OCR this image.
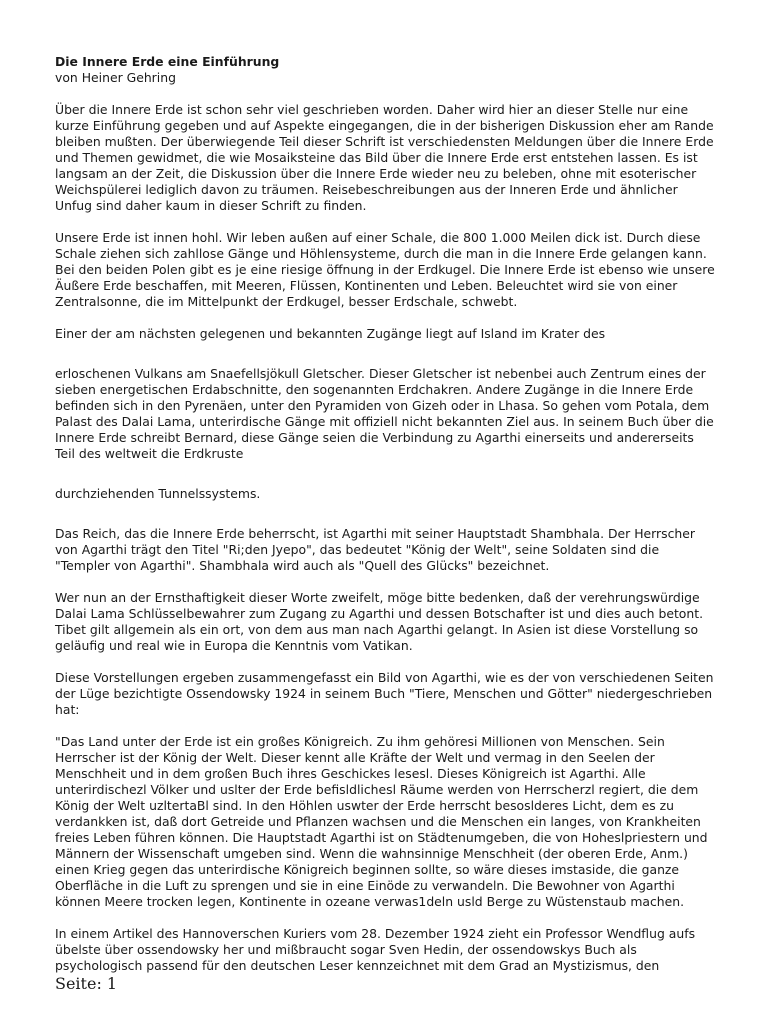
Die Innere Erde eine Einführung

von Heiner Gehring

Über die Innere Erde ist schon sehr viel geschrieben worden. Daher wird hier an dieser Stelle nur eine kurze Einführung gegeben und auf Aspekte eingegangen, die in der bisherigen Diskussion eher am Rande bleiben mußten. Der überwiegende Teil dieser Schrift ist verschiedensten Meldungen über die Innere Erde und Themen gewidmet, die wie Mosaiksteine das Bild über die Innere Erde erst entstehen lassen. Es ist langsam an der Zeit, die Diskussion über die Innere Erde wieder neu zu beleben, ohne mit esoterischer Weichspülerei lediglich davon zu träumen. Reisebeschreibungen aus der Inneren Erde und ähnlicher Unfug sind daher kaum in dieser Schrift zu finden.

Unsere Erde ist innen hohl. Wir leben außen auf einer Schale, die 800 1.000 Meilen dick ist. Durch diese Schale ziehen sich zahllose Gänge und Höhlensysteme, durch die man in die Innere Erde gelangen kann. Bei den beiden Polen gibt es je eine riesige öffnung in der Erdkugel. Die Innere Erde ist ebenso wie unsere Äußere Erde beschaffen, mit Meeren, Flüssen, Kontinenten und Leben. Beleuchtet wird sie von einer Zentralsonne, die im Mittelpunkt der Erdkugel, besser Erdschale, schwebt.

Einer der am nächsten gelegenen und bekannten Zugänge liegt auf Island im Krater des

erloschenen Vulkans am Snaefellsjökull Gletscher. Dieser Gletscher ist nebenbei auch Zentrum eines der sieben energetischen Erdabschnitte, den sogenannten Erdchakren. Andere Zugänge in die Innere Erde befinden sich in den Pyrenäen, unter den Pyramiden von Gizeh oder in Lhasa. So gehen vom Potala, dem Palast des Dalai Lama, unterirdische Gänge mit offiziell nicht bekannten Ziel aus. In seinem Buch über die Innere Erde schreibt Bernard, diese Gänge seien die Verbindung zu Agarthi einerseits und andererseits Teil des weltweit die Erdkruste

durchziehenden Tunnelssystems.

Das Reich, das die Innere Erde beherrscht, ist Agarthi mit seiner Hauptstadt Shambhala. Der Herrscher von Agarthi trägt den Titel "Ri;den Jyepo", das bedeutet "König der Welt", seine Soldaten sind die "Templer von Agarthi". Shambhala wird auch als "Quell des Glücks" bezeichnet.

Wer nun an der Ernsthaftigkeit dieser Worte zweifelt, möge bitte bedenken, daß der verehrungswürdige Dalai Lama Schlüsselbewahrer zum Zugang zu Agarthi und dessen Botschafter ist und dies auch betont. Tibet gilt allgemein als ein ort, von dem aus man nach Agarthi gelangt. In Asien ist diese Vorstellung so geläufig und real wie in Europa die Kenntnis vom Vatikan.

Diese Vorstellungen ergeben zusammengefasst ein Bild von Agarthi, wie es der von verschiedenen Seiten der Lüge bezichtigte Ossendowsky 1924 in seinem Buch "Tiere, Menschen und Götter" niedergeschrieben hat:

"Das Land unter der Erde ist ein großes Königreich. Zu ihm gehöresi Millionen von Menschen. Sein Herrscher ist der König der Welt. Dieser kennt alle Kräfte der Welt und vermag in den Seelen der Menschheit und in dem großen Buch ihres Geschickes lesesl. Dieses Königreich ist Agarthi. Alle unterirdischezl Völker und uslter der Erde befisldlichesl Räume werden von Herrscherzl regiert, die dem König der Welt uzltertaBl sind. In den Höhlen uswter der Erde herrscht besoslderes Licht, dem es zu verdankken ist, daß dort Getreide und Pflanzen wachsen und die Menschen ein langes, von Krankheiten freies Leben führen können. Die Hauptstadt Agarthi ist on Städtenumgeben, die von Hoheslpriestern und Männern der Wissenschaft umgeben sind. Wenn die wahnsinnige Menschheit (der oberen Erde, Anm.) einen Krieg gegen das unterirdische Königreich beginnen sollte, so wäre dieses imstaside, die ganze Oberfläche in die Luft zu sprengen und sie in eine Einöde zu verwandeln. Die Bewohner von Agarthi können Meere trocken legen, Kontinente in ozeane verwas1deln usld Berge zu Wüstenstaub machen.

In einem Artikel des Hannoverschen Kuriers vom 28. Dezember 1924 zieht ein Professor Wendflug aufs übelste über ossendowsky her und mißbraucht sogar Sven Hedin, der ossendowskys Buch als psychologisch passend für den deutschen Leser kennzeichnet mit dem Grad an Mystizismus, den

Seite: 1
